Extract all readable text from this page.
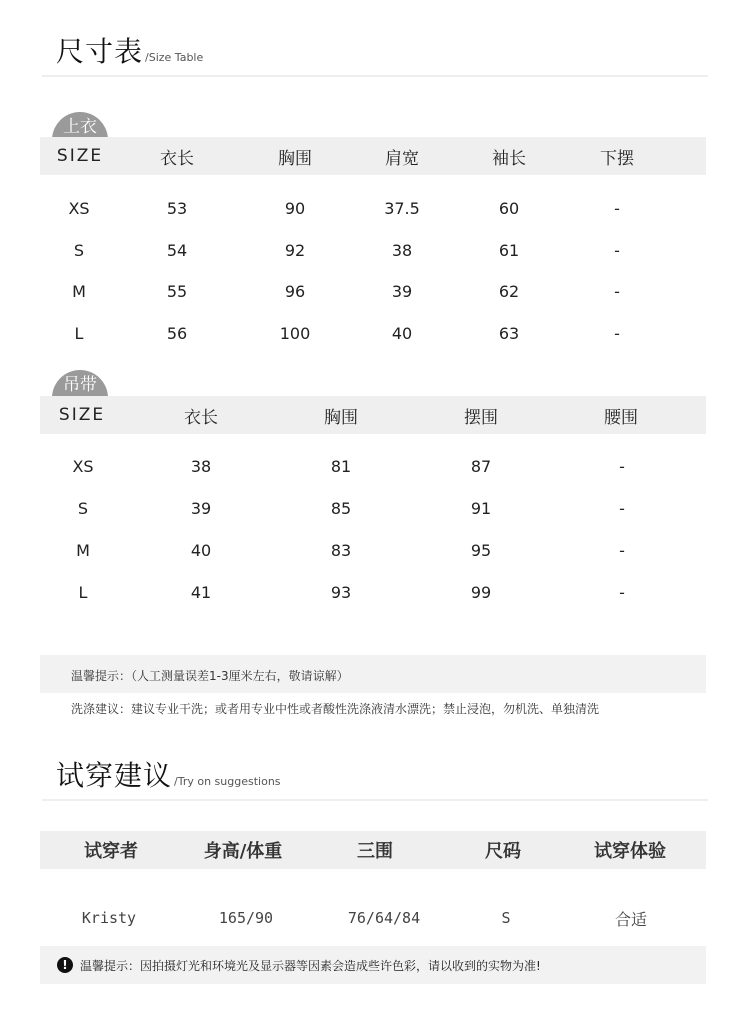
尺寸表 /Size Table
上衣
SIZE	衣长	胸围	肩宽	袖长	下摆
XS	53	90	37.5	60	-
S	54	92	38	61	-
M	55	96	39	62	-
L	56	100	40	63	-
吊带
SIZE	衣长	胸围	摆围	腰围
XS	38	81	87	-
S	39	85	91	-
M	40	83	95	-
L	41	93	99	-
温馨提示：（人工测量误差1-3厘米左右，敬请谅解）
洗涤建议：建议专业干洗；或者用专业中性或者酸性洗涤液清水漂洗；禁止浸泡，勿机洗、单独清洗
试穿建议 /Try on suggestions
试穿者	身高/体重	三围	尺码	试穿体验
Kristy	165/90	76/64/84	S	合适
!	温馨提示：因拍摄灯光和环境光及显示器等因素会造成些许色彩，请以收到的实物为准!
